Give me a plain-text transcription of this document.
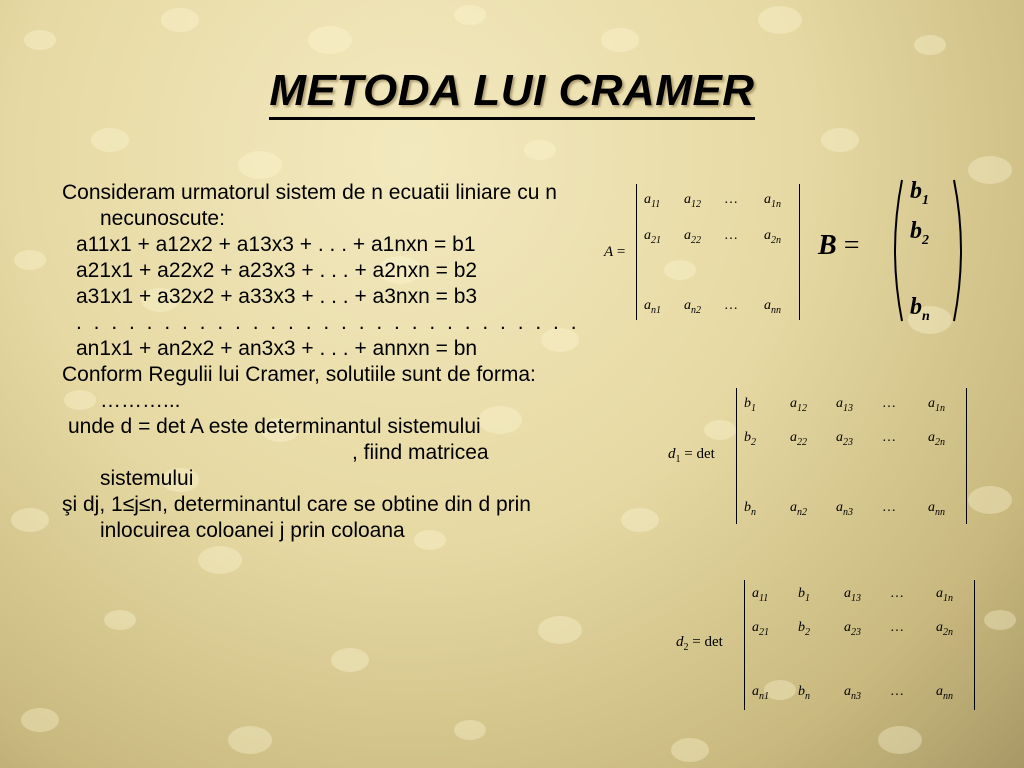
METODA LUI CRAMER

Consideram urmatorul sistem de n ecuatii liniare cu n necunoscute:

a11x1 + a12x2 + a13x3 + . . . + a1nxn = b1

a21x1 + a22x2 + a23x3 + . . . + a2nxn = b2

a31x1 + a32x2 + a33x3 + . . . + a3nxn = b3

. . . . . . . . . . . . . . . . . . . . . . . . . . . . .

an1x1 + an2x2 + an3x3 + . . . + annxn = bn

Conform Regulii lui Cramer, solutiile sunt de forma:

………...

unde d = det A este determinantul sistemului

, fiind matricea

sistemului

şi dj, 1≤j≤n, determinantul care se obtine din d prin inlocuirea coloanei j prin coloana

A =
$a_{11}$ $a_{12}$ … $a_{1n}$
$a_{21}$ $a_{22}$ … $a_{2n}$
$a_{n1}$ $a_{n2}$ … $a_{nn}$
B =
$b_1$
$b_2$
$b_n$
$d_1 = \det$
$b_1$ $a_{12}$ $a_{13}$ … $a_{1n}$
$b_2$ $a_{22}$ $a_{23}$ … $a_{2n}$
$b_n$ $a_{n2}$ $a_{n3}$ … $a_{nn}$
$d_2 = \det$
$a_{11}$ $b_1$ $a_{13}$ … $a_{1n}$
$a_{21}$ $b_2$ $a_{23}$ … $a_{2n}$
$a_{n1}$ $b_n$ $a_{n3}$ … $a_{nn}$
